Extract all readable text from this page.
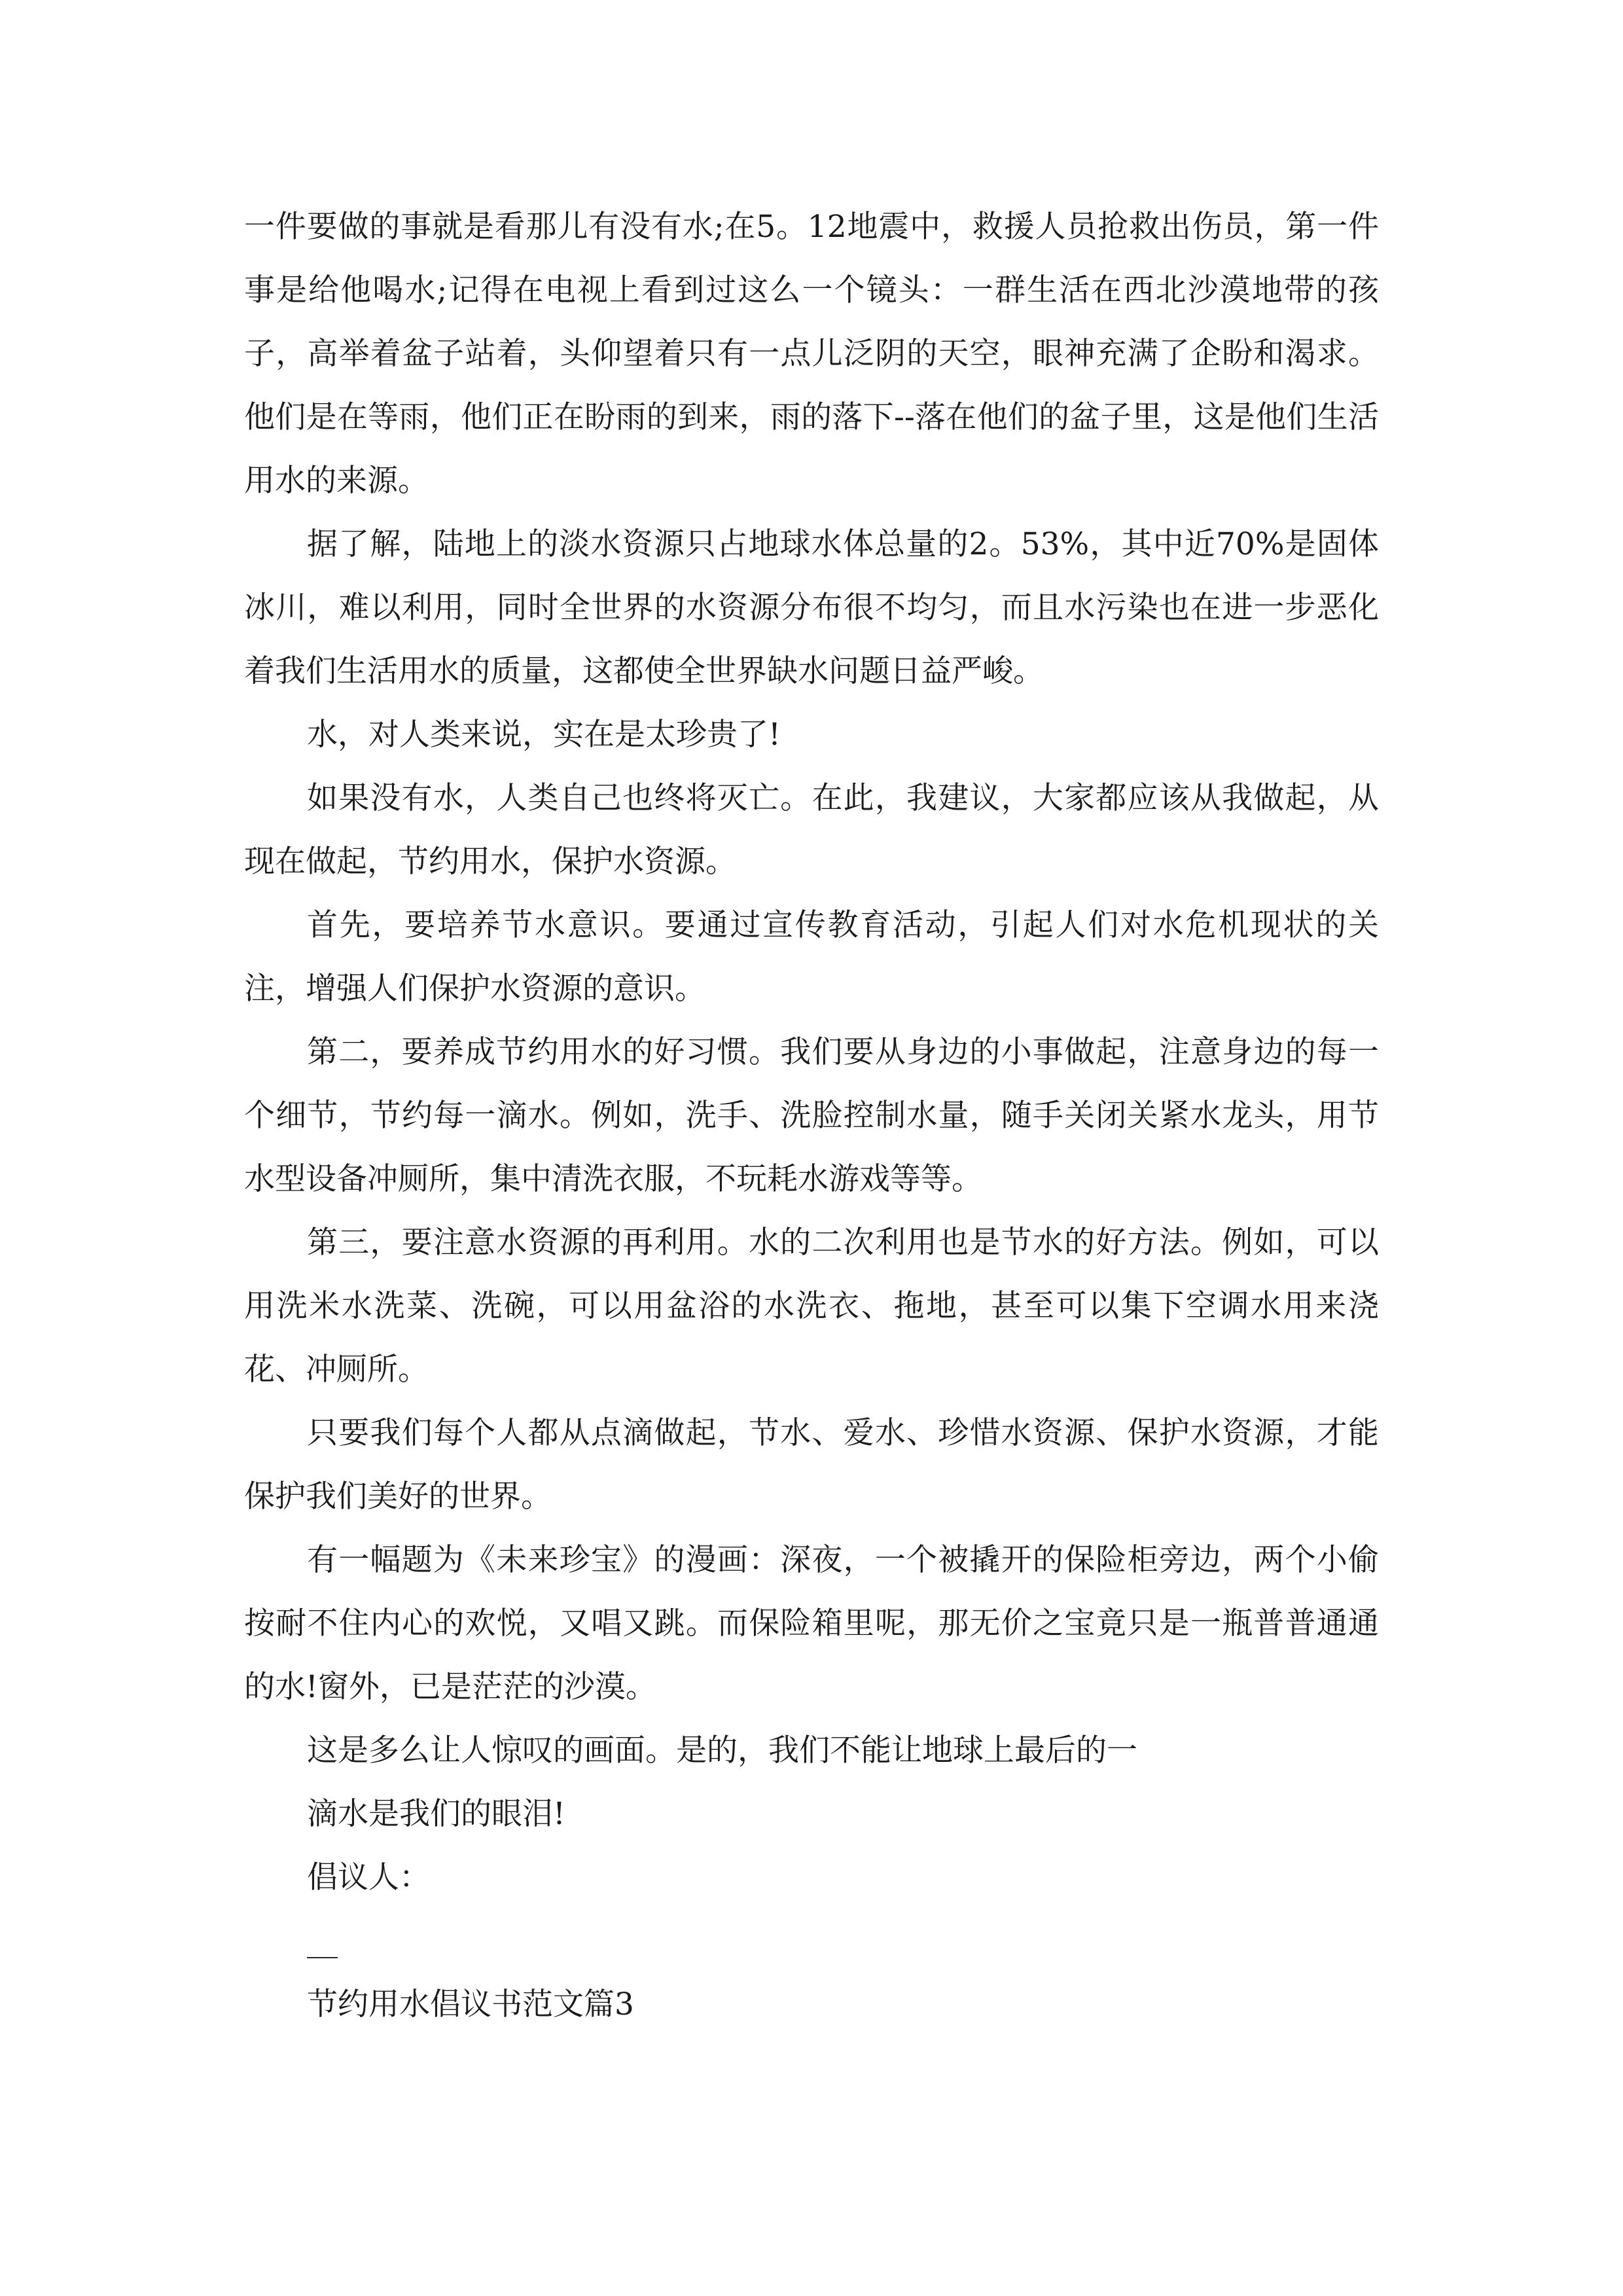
一件要做的事就是看那儿有没有水;在5。12地震中，救援人员抢救出伤员，第一件事是给他喝水;记得在电视上看到过这么一个镜头：一群生活在西北沙漠地带的孩子，高举着盆子站着，头仰望着只有一点儿泛阴的天空，眼神充满了企盼和渴求。他们是在等雨，他们正在盼雨的到来，雨的落下--落在他们的盆子里，这是他们生活用水的来源。

据了解，陆地上的淡水资源只占地球水体总量的2。53%，其中近70%是固体冰川，难以利用，同时全世界的水资源分布很不均匀，而且水污染也在进一步恶化着我们生活用水的质量，这都使全世界缺水问题日益严峻。

水，对人类来说，实在是太珍贵了!

如果没有水，人类自己也终将灭亡。在此，我建议，大家都应该从我做起，从现在做起，节约用水，保护水资源。

首先，要培养节水意识。要通过宣传教育活动，引起人们对水危机现状的关注，增强人们保护水资源的意识。

第二，要养成节约用水的好习惯。我们要从身边的小事做起，注意身边的每一个细节，节约每一滴水。例如，洗手、洗脸控制水量，随手关闭关紧水龙头，用节水型设备冲厕所，集中清洗衣服，不玩耗水游戏等等。

第三，要注意水资源的再利用。水的二次利用也是节水的好方法。例如，可以用洗米水洗菜、洗碗，可以用盆浴的水洗衣、拖地，甚至可以集下空调水用来浇花、冲厕所。

只要我们每个人都从点滴做起，节水、爱水、珍惜水资源、保护水资源，才能保护我们美好的世界。

有一幅题为《未来珍宝》的漫画：深夜，一个被撬开的保险柜旁边，两个小偷按耐不住内心的欢悦，又唱又跳。而保险箱里呢，那无价之宝竟只是一瓶普普通通的水!窗外，已是茫茫的沙漠。

这是多么让人惊叹的画面。是的，我们不能让地球上最后的一

滴水是我们的眼泪!

倡议人：

__

节约用水倡议书范文篇3
